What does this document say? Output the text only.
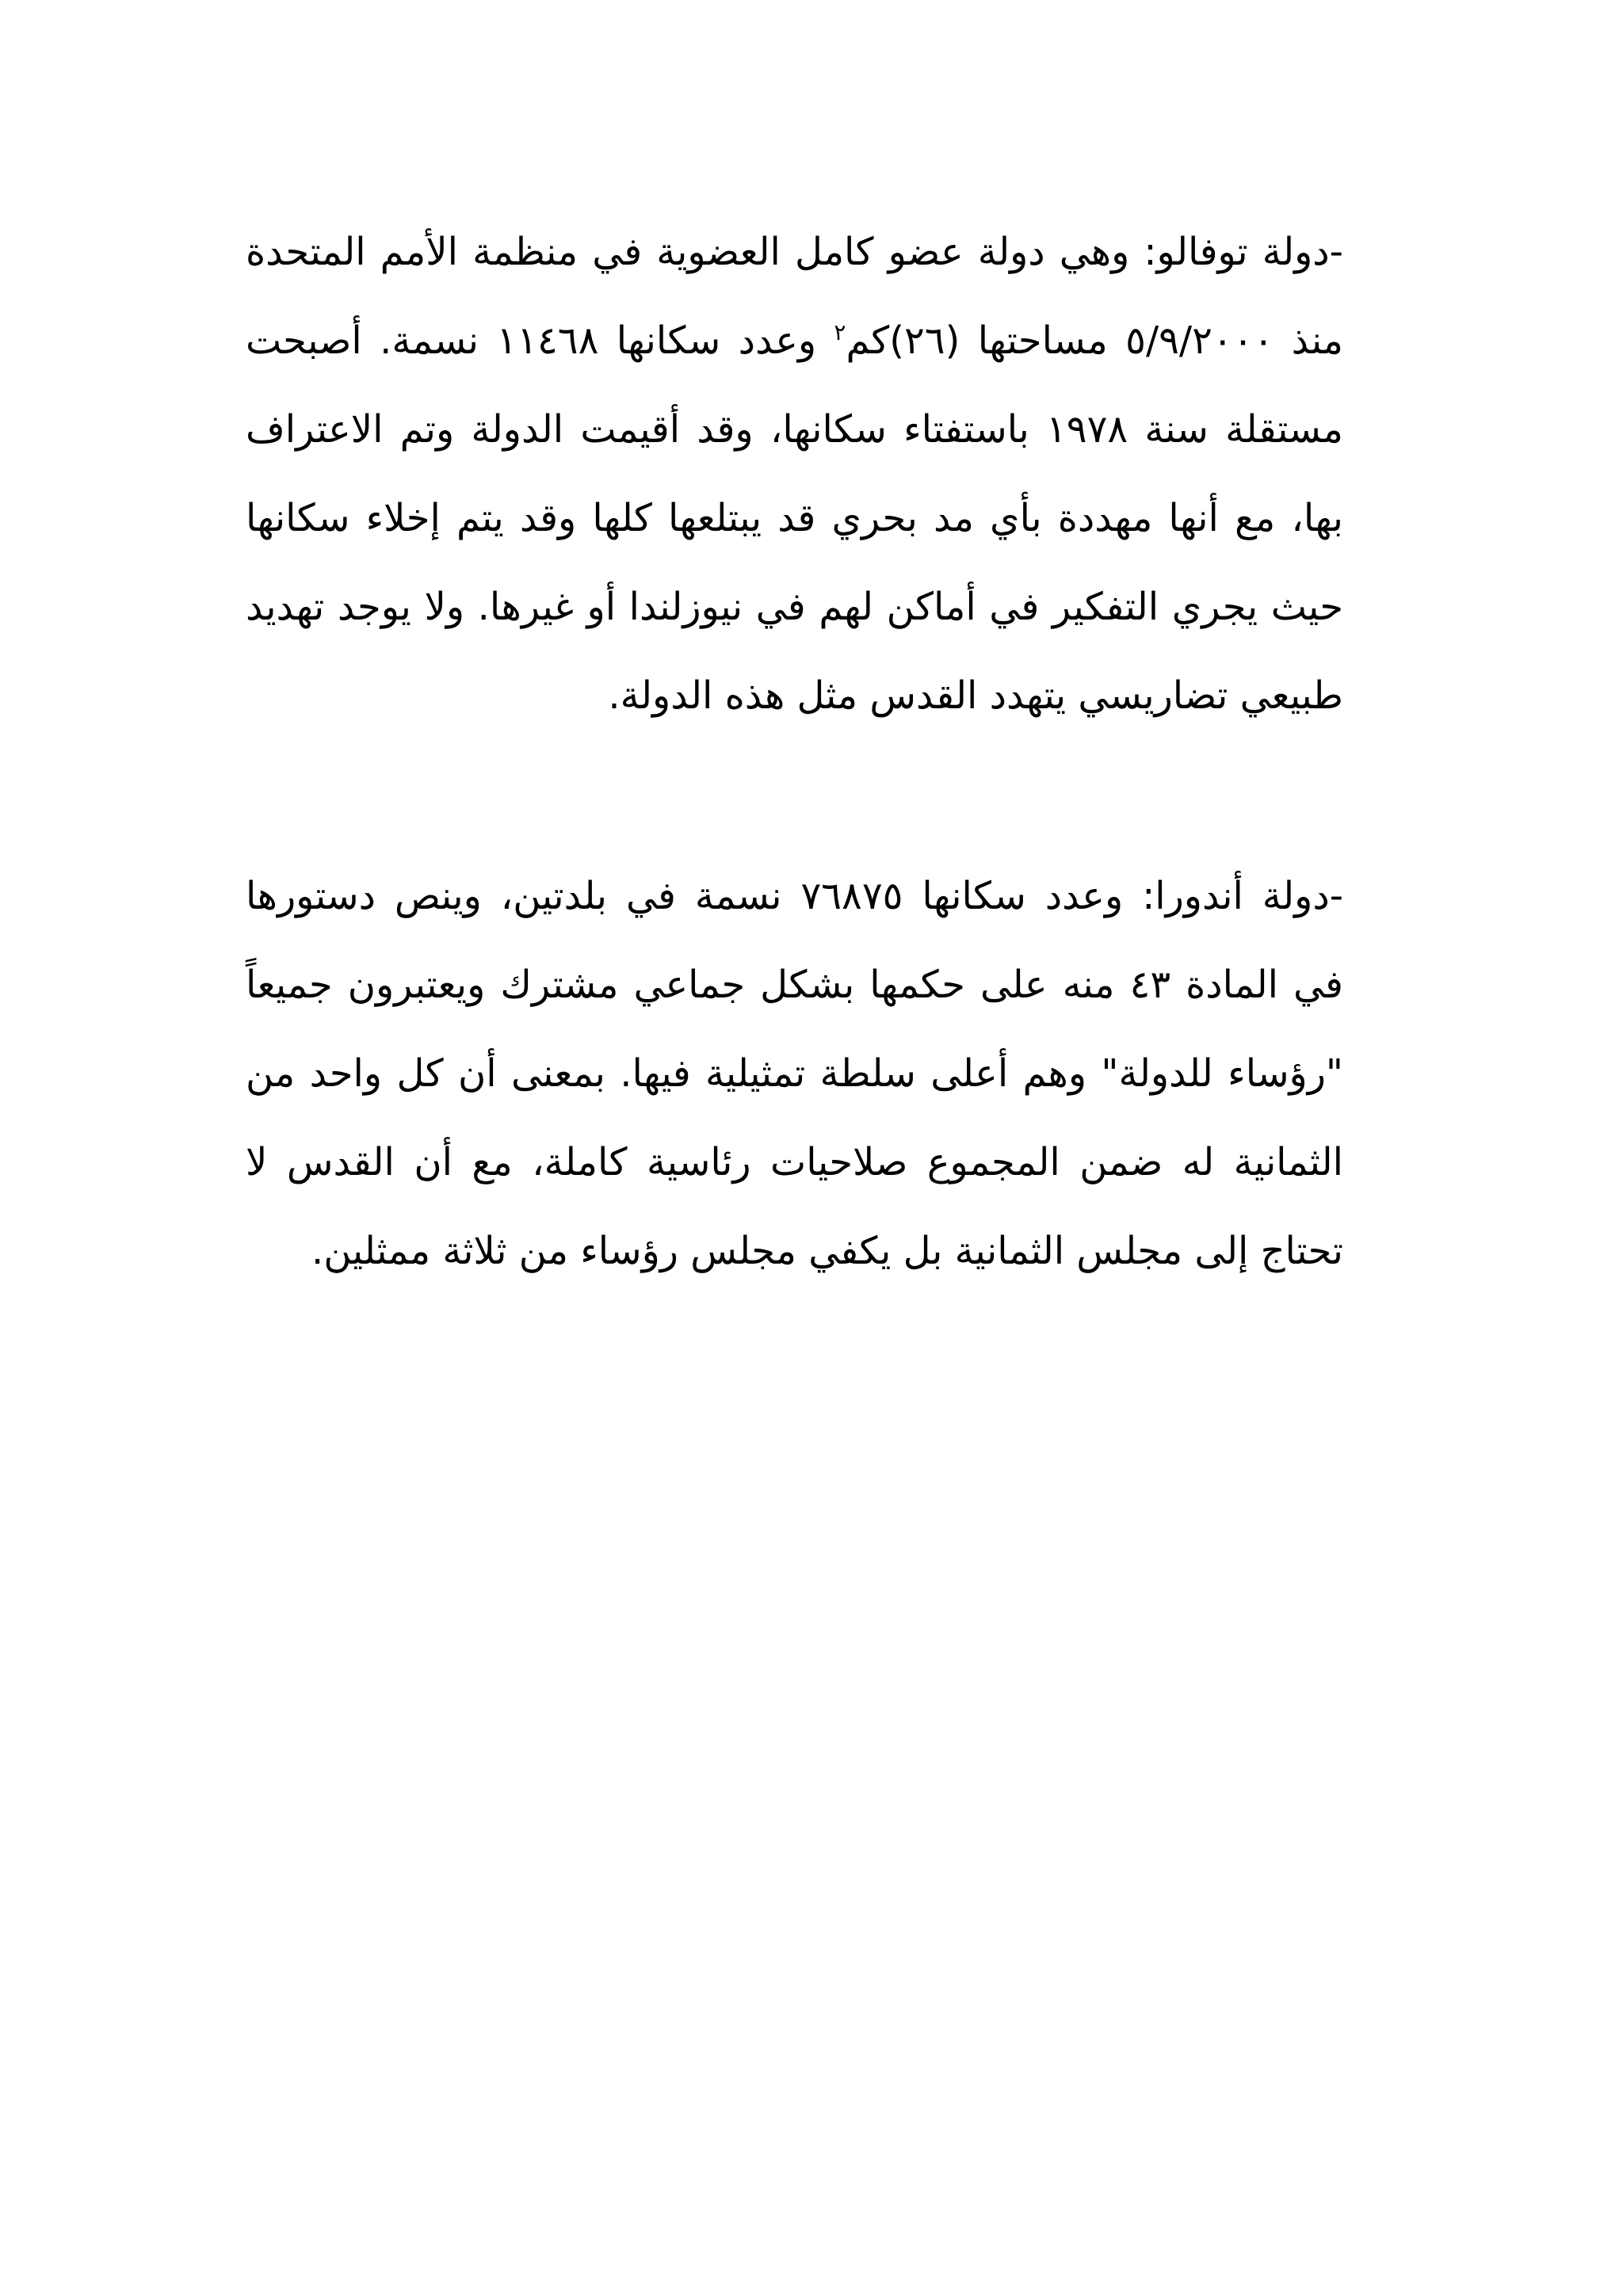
-دولة توفالو: وهي دولة عضو كامل العضوية في منظمة الأمم المتحدة منذ ٥/٩/٢٠٠٠ مساحتها (٢٦)كم$^٢$ وعدد سكانها ١١٤٦٨ نسمة. أصبحت مستقلة سنة ١٩٧٨ باستفتاء سكانها، وقد أقيمت الدولة وتم الاعتراف بها، مع أنها مهددة بأي مد بحري قد يبتلعها كلها وقد يتم إخلاء سكانها حيث يجري التفكير في أماكن لهم في نيوزلندا أو غيرها. ولا يوجد تهديد طبيعي تضاريسي يتهدد القدس مثل هذه الدولة.

-دولة أندورا: وعدد سكانها ٧٦٨٧٥ نسمة في بلدتين، وينص دستورها في المادة ٤٣ منه على حكمها بشكل جماعي مشترك ويعتبرون جميعاً "رؤساء للدولة" وهم أعلى سلطة تمثيلية فيها. بمعنى أن كل واحد من الثمانية له ضمن المجموع صلاحيات رئاسية كاملة، مع أن القدس لا تحتاج إلى مجلس الثمانية بل يكفي مجلس رؤساء من ثلاثة ممثلين.
